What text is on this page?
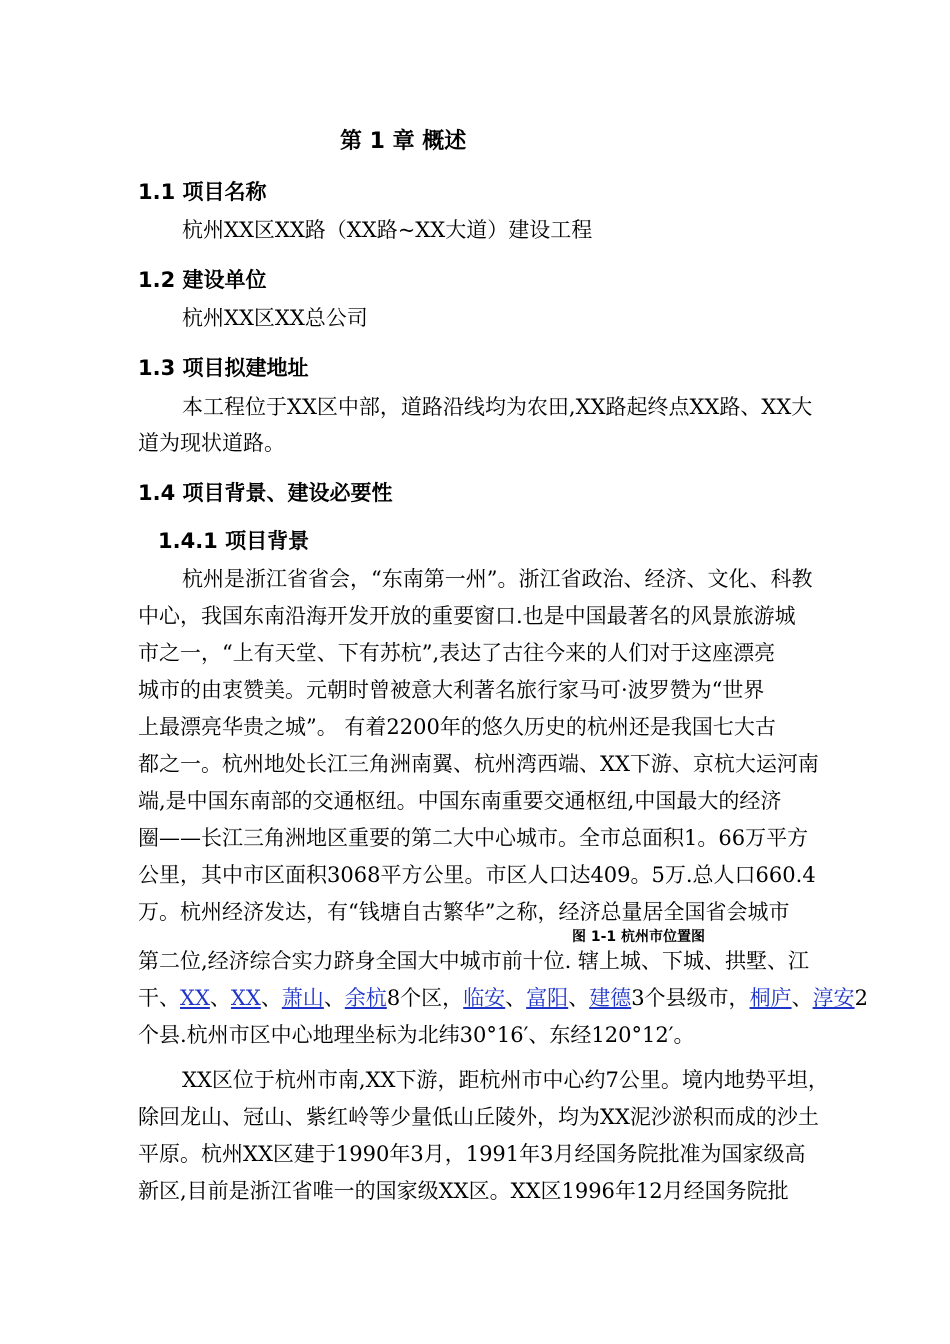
第 1 章 概述
1.1 项目名称
杭州XX区XX路（XX路~XX大道）建设工程
1.2 建设单位
杭州XX区XX总公司
1.3 项目拟建地址
本工程位于XX区中部，道路沿线均为农田,XX路起终点XX路、XX大
道为现状道路。
1.4 项目背景、建设必要性
1.4.1 项目背景
杭州是浙江省省会，“东南第一州”。浙江省政治、经济、文化、科教
中心，我国东南沿海开发开放的重要窗口.也是中国最著名的风景旅游城
市之一，“上有天堂、下有苏杭”,表达了古往今来的人们对于这座漂亮
城市的由衷赞美。元朝时曾被意大利著名旅行家马可·波罗赞为“世界
上最漂亮华贵之城”。 有着2200年的悠久历史的杭州还是我国七大古
都之一。杭州地处长江三角洲南翼、杭州湾西端、XX下游、京杭大运河南
端,是中国东南部的交通枢纽。中国东南重要交通枢纽,中国最大的经济
圈——长江三角洲地区重要的第二大中心城市。全市总面积1。66万平方
公里，其中市区面积3068平方公里。市区人口达409。5万.总人口660.4
万。杭州经济发达，有“钱塘自古繁华”之称，经济总量居全国省会城市
第二位,经济综合实力跻身全国大中城市前十位. 辖上城、下城、拱墅、江
干、XX、XX、萧山、余杭8个区，临安、富阳、建德3个县级市，桐庐、淳安2
个县.杭州市区中心地理坐标为北纬30°16′、东经120°12′。
图 1-1 杭州市位置图
XX区位于杭州市南,XX下游，距杭州市中心约7公里。境内地势平坦，
除回龙山、冠山、紫红岭等少量低山丘陵外，均为XX泥沙淤积而成的沙土
平原。杭州XX区建于1990年3月，1991年3月经国务院批准为国家级高
新区,目前是浙江省唯一的国家级XX区。XX区1996年12月经国务院批
